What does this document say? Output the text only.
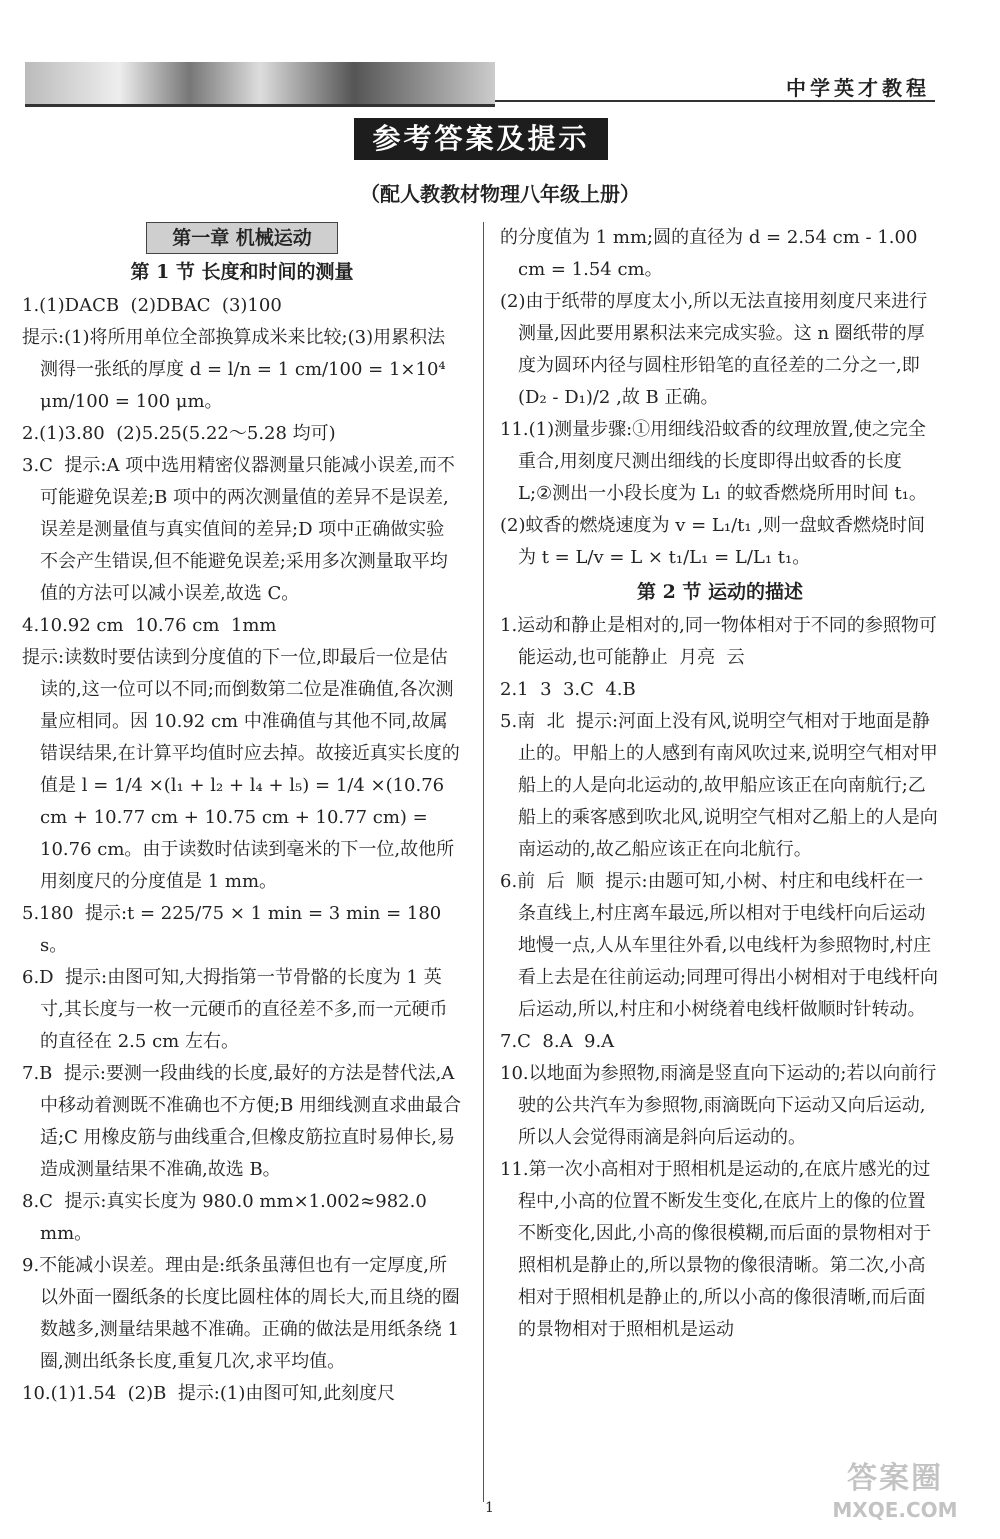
中学英才教程
参考答案及提示
（配人教教材物理八年级上册）
第一章 机械运动
第 1 节 长度和时间的测量

1.(1)DACB  (2)DBAC  (3)100

提示:(1)将所用单位全部换算成米来比较;(3)用累积法测得一张纸的厚度 d = l/n = 1 cm/100 = 1×10⁴ μm/100 = 100 μm。

2.(1)3.80  (2)5.25(5.22～5.28 均可)

3.C  提示:A 项中选用精密仪器测量只能减小误差,而不可能避免误差;B 项中的两次测量值的差异不是误差,误差是测量值与真实值间的差异;D 项中正确做实验不会产生错误,但不能避免误差;采用多次测量取平均值的方法可以减小误差,故选 C。

4.10.92 cm  10.76 cm  1mm

提示:读数时要估读到分度值的下一位,即最后一位是估读的,这一位可以不同;而倒数第二位是准确值,各次测量应相同。因 10.92 cm 中准确值与其他不同,故属错误结果,在计算平均值时应去掉。故接近真实长度的值是 l = 1/4 ×(l₁ + l₂ + l₄ + l₅) = 1/4 ×(10.76 cm + 10.77 cm + 10.75 cm + 10.77 cm) = 10.76 cm。由于读数时估读到毫米的下一位,故他所用刻度尺的分度值是 1 mm。

5.180  提示:t = 225/75 × 1 min = 3 min = 180 s。

6.D  提示:由图可知,大拇指第一节骨骼的长度为 1 英寸,其长度与一枚一元硬币的直径差不多,而一元硬币的直径在 2.5 cm 左右。

7.B  提示:要测一段曲线的长度,最好的方法是替代法,A 中移动着测既不准确也不方便;B 用细线测直求曲最合适;C 用橡皮筋与曲线重合,但橡皮筋拉直时易伸长,易造成测量结果不准确,故选 B。

8.C  提示:真实长度为 980.0 mm×1.002≈982.0 mm。

9.不能减小误差。理由是:纸条虽薄但也有一定厚度,所以外面一圈纸条的长度比圆柱体的周长大,而且绕的圈数越多,测量结果越不准确。正确的做法是用纸条绕 1 圈,测出纸条长度,重复几次,求平均值。

10.(1)1.54  (2)B  提示:(1)由图可知,此刻度尺

的分度值为 1 mm;圆的直径为 d = 2.54 cm - 1.00 cm = 1.54 cm。

(2)由于纸带的厚度太小,所以无法直接用刻度尺来进行测量,因此要用累积法来完成实验。这 n 圈纸带的厚度为圆环内径与圆柱形铅笔的直径差的二分之一,即 (D₂ - D₁)/2 ,故 B 正确。

11.(1)测量步骤:①用细线沿蚊香的纹理放置,使之完全重合,用刻度尺测出细线的长度即得出蚊香的长度 L;②测出一小段长度为 L₁ 的蚊香燃烧所用时间 t₁。

(2)蚊香的燃烧速度为 v = L₁/t₁ ,则一盘蚊香燃烧时间为 t = L/v = L × t₁/L₁ = L/L₁ t₁。

第 2 节 运动的描述

1.运动和静止是相对的,同一物体相对于不同的参照物可能运动,也可能静止  月亮  云

2.1  3  3.C  4.B

5.南  北  提示:河面上没有风,说明空气相对于地面是静止的。甲船上的人感到有南风吹过来,说明空气相对甲船上的人是向北运动的,故甲船应该正在向南航行;乙船上的乘客感到吹北风,说明空气相对乙船上的人是向南运动的,故乙船应该正在向北航行。

6.前  后  顺  提示:由题可知,小树、村庄和电线杆在一条直线上,村庄离车最远,所以相对于电线杆向后运动地慢一点,人从车里往外看,以电线杆为参照物时,村庄看上去是在往前运动;同理可得出小树相对于电线杆向后运动,所以,村庄和小树绕着电线杆做顺时针转动。

7.C  8.A  9.A

10.以地面为参照物,雨滴是竖直向下运动的;若以向前行驶的公共汽车为参照物,雨滴既向下运动又向后运动,所以人会觉得雨滴是斜向后运动的。

11.第一次小高相对于照相机是运动的,在底片感光的过程中,小高的位置不断发生变化,在底片上的像的位置不断变化,因此,小高的像很模糊,而后面的景物相对于照相机是静止的,所以景物的像很清晰。第二次,小高相对于照相机是静止的,所以小高的像很清晰,而后面的景物相对于照相机是运动

1
答案圈
MXQE.COM
